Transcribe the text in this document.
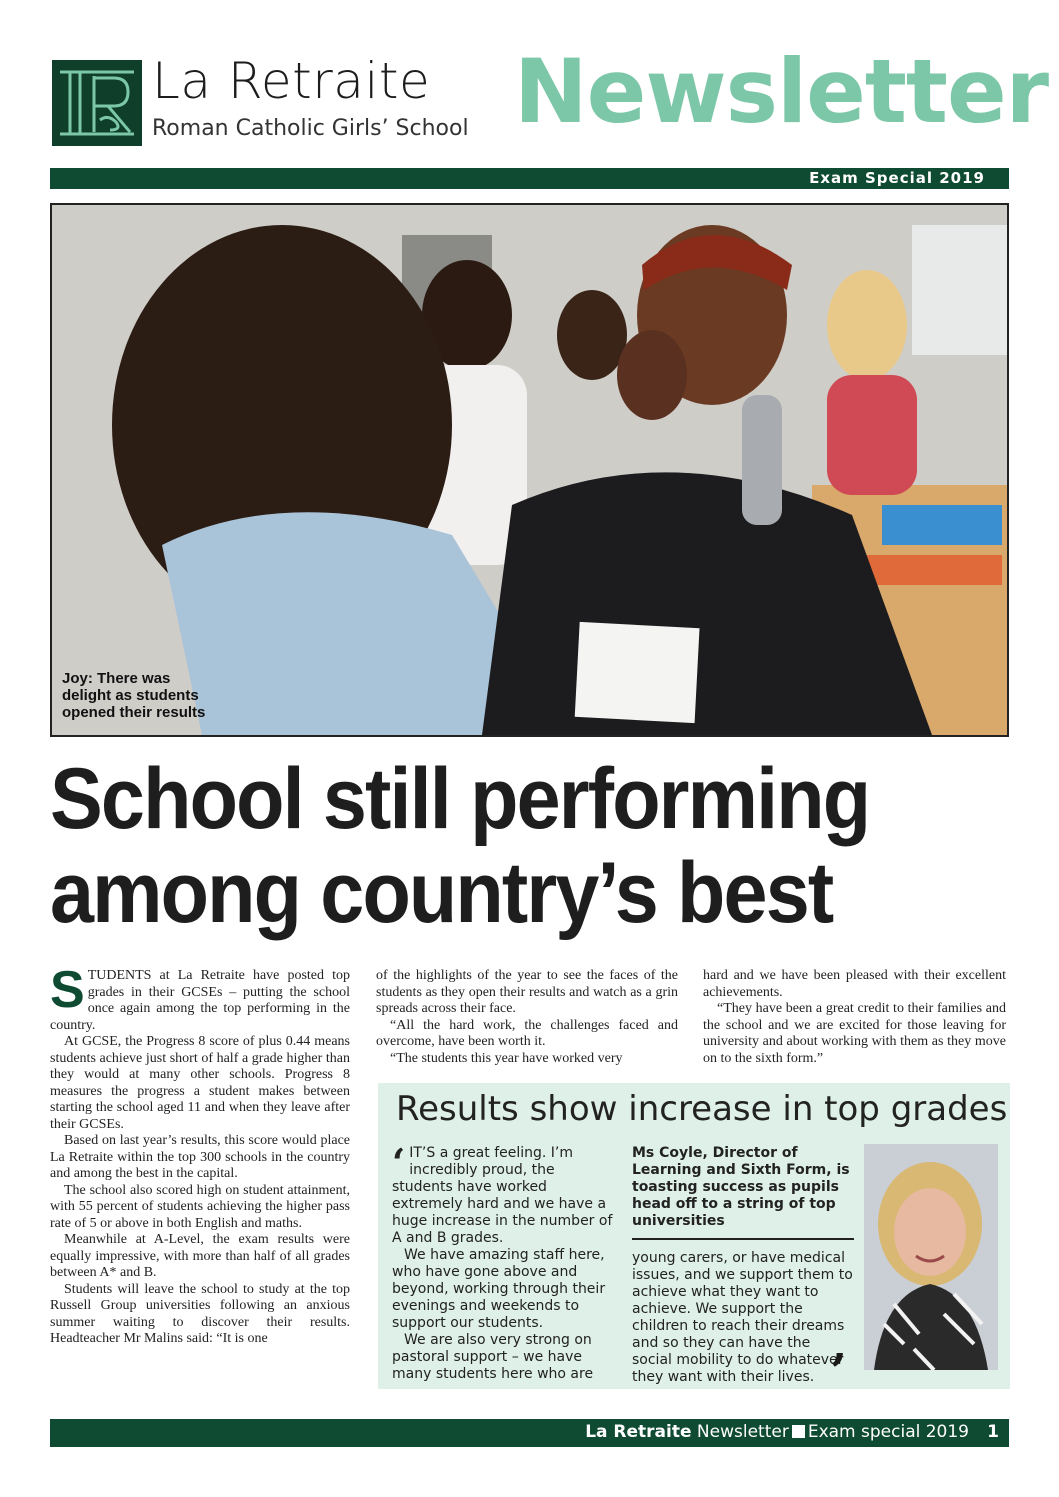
La Retraite
Roman Catholic Girls’ School Newsletter
Exam Special 2019
Joy: There was delight as students opened their results
School still performing
among country’s best

STUDENTS at La Retraite have posted top grades in their GCSEs – putting the school once again among the top performing in the country.

At GCSE, the Progress 8 score of plus 0.44 means students achieve just short of half a grade higher than they would at many other schools. Progress 8 measures the progress a student makes between starting the school aged 11 and when they leave after their GCSEs.

Based on last year’s results, this score would place La Retraite within the top 300 schools in the country and among the best in the capital.

The school also scored high on student attainment, with 55 percent of students achieving the higher pass rate of 5 or above in both English and maths.

Meanwhile at A-Level, the exam results were equally impressive, with more than half of all grades between A* and B.

Students will leave the school to study at the top Russell Group universities following an anxious summer waiting to discover their results. Headteacher Mr Malins said: “It is one

of the highlights of the year to see the faces of the students as they open their results and watch as a grin spreads across their face.

“All the hard work, the challenges faced and overcome, have been worth it.

“The students this year have worked very

hard and we have been pleased with their excellent achievements.

“They have been a great credit to their families and the school and we are excited for those leaving for university and about working with them as they move on to the sixth form.”

Results show increase in top grades

‘ IT’S a great feeling. I’m incredibly proud, the students have worked extremely hard and we have a huge increase in the number of A and B grades.

We have amazing staff here, who have gone above and beyond, working through their evenings and weekends to support our students.

We are also very strong on pastoral support – we have many students here who are

Ms Coyle, Director of Learning and Sixth Form, is toasting success as pupils head off to a string of top universities

young carers, or have medical issues, and we support them to achieve what they want to achieve. We support the children to reach their dreams and so they can have the social mobility to do whatever they want with their lives. ’
La Retraite Newsletter Exam special 2019 1
